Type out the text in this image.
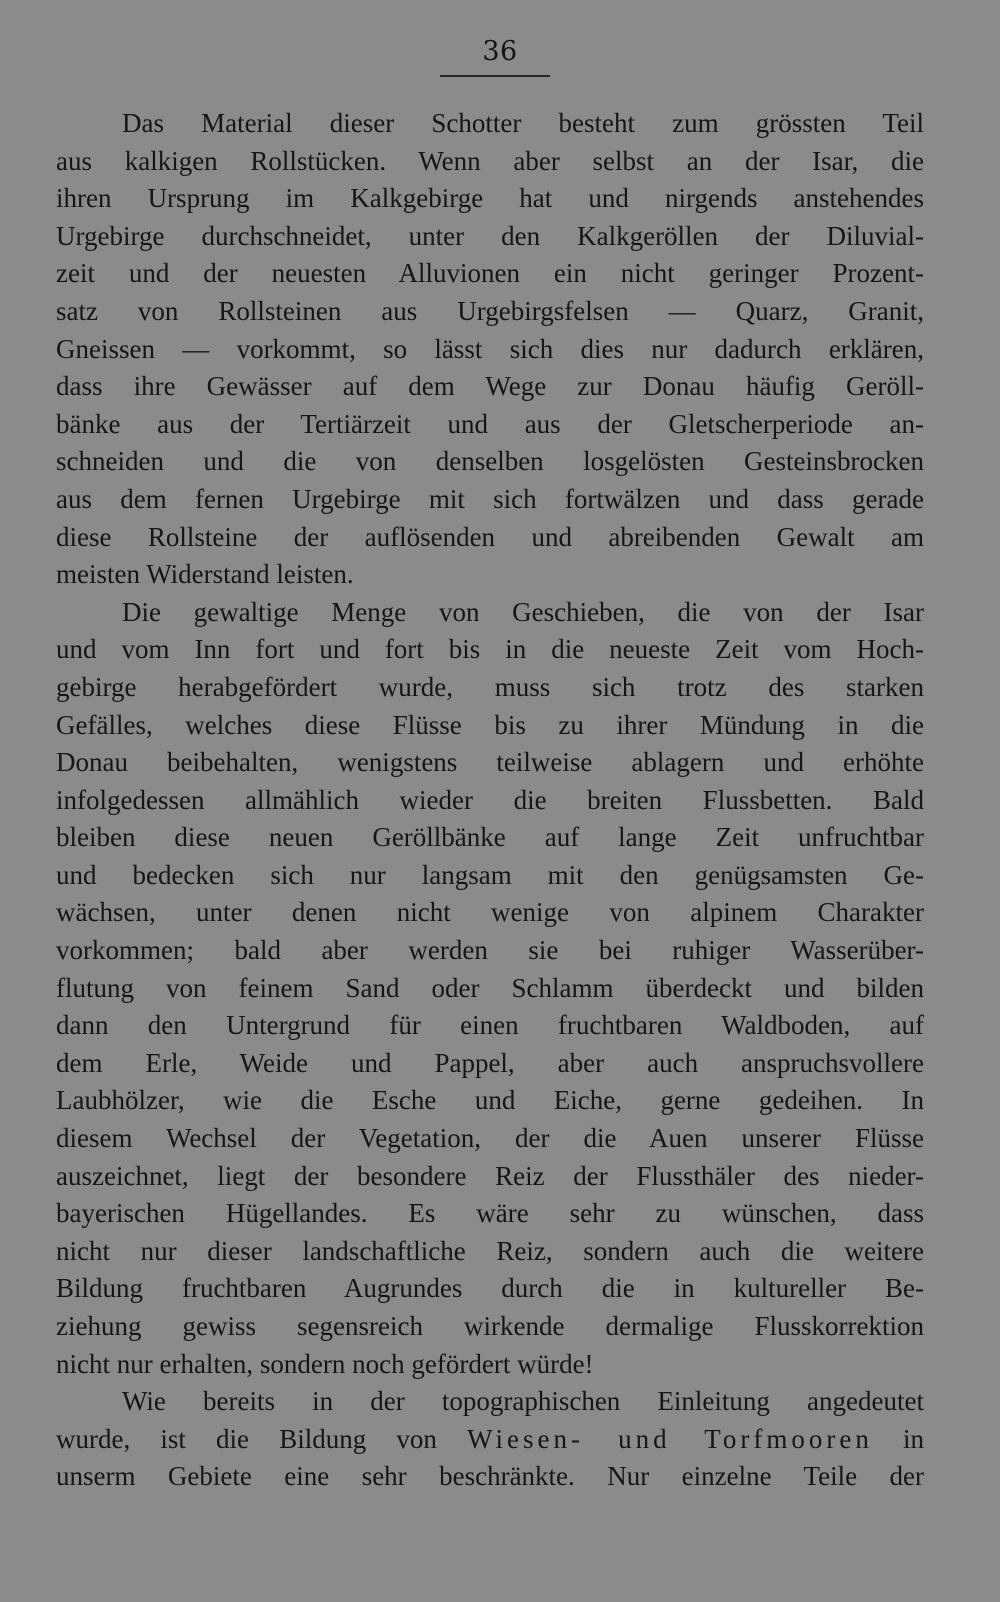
36
Das Material dieser Schotter besteht zum grössten Teil
aus kalkigen Rollstücken. Wenn aber selbst an der Isar, die
ihren Ursprung im Kalkgebirge hat und nirgends anstehendes
Urgebirge durchschneidet, unter den Kalkgeröllen der Diluvial-
zeit und der neuesten Alluvionen ein nicht geringer Prozent-
satz von Rollsteinen aus Urgebirgsfelsen — Quarz, Granit,
Gneissen — vorkommt, so lässt sich dies nur dadurch erklären,
dass ihre Gewässer auf dem Wege zur Donau häufig Geröll-
bänke aus der Tertiärzeit und aus der Gletscherperiode an-
schneiden und die von denselben losgelösten Gesteinsbrocken
aus dem fernen Urgebirge mit sich fortwälzen und dass gerade
diese Rollsteine der auflösenden und abreibenden Gewalt am
meisten Widerstand leisten.
Die gewaltige Menge von Geschieben, die von der Isar
und vom Inn fort und fort bis in die neueste Zeit vom Hoch-
gebirge herabgefördert wurde, muss sich trotz des starken
Gefälles, welches diese Flüsse bis zu ihrer Mündung in die
Donau beibehalten, wenigstens teilweise ablagern und erhöhte
infolgedessen allmählich wieder die breiten Flussbetten. Bald
bleiben diese neuen Geröllbänke auf lange Zeit unfruchtbar
und bedecken sich nur langsam mit den genügsamsten Ge-
wächsen, unter denen nicht wenige von alpinem Charakter
vorkommen; bald aber werden sie bei ruhiger Wasserüber-
flutung von feinem Sand oder Schlamm überdeckt und bilden
dann den Untergrund für einen fruchtbaren Waldboden, auf
dem Erle, Weide und Pappel, aber auch anspruchsvollere
Laubhölzer, wie die Esche und Eiche, gerne gedeihen. In
diesem Wechsel der Vegetation, der die Auen unserer Flüsse
auszeichnet, liegt der besondere Reiz der Flussthäler des nieder-
bayerischen Hügellandes. Es wäre sehr zu wünschen, dass
nicht nur dieser landschaftliche Reiz, sondern auch die weitere
Bildung fruchtbaren Augrundes durch die in kultureller Be-
ziehung gewiss segensreich wirkende dermalige Flusskorrektion
nicht nur erhalten, sondern noch gefördert würde!
Wie bereits in der topographischen Einleitung angedeutet
wurde, ist die Bildung von Wiesen- und Torfmooren in
unserm Gebiete eine sehr beschränkte. Nur einzelne Teile der
